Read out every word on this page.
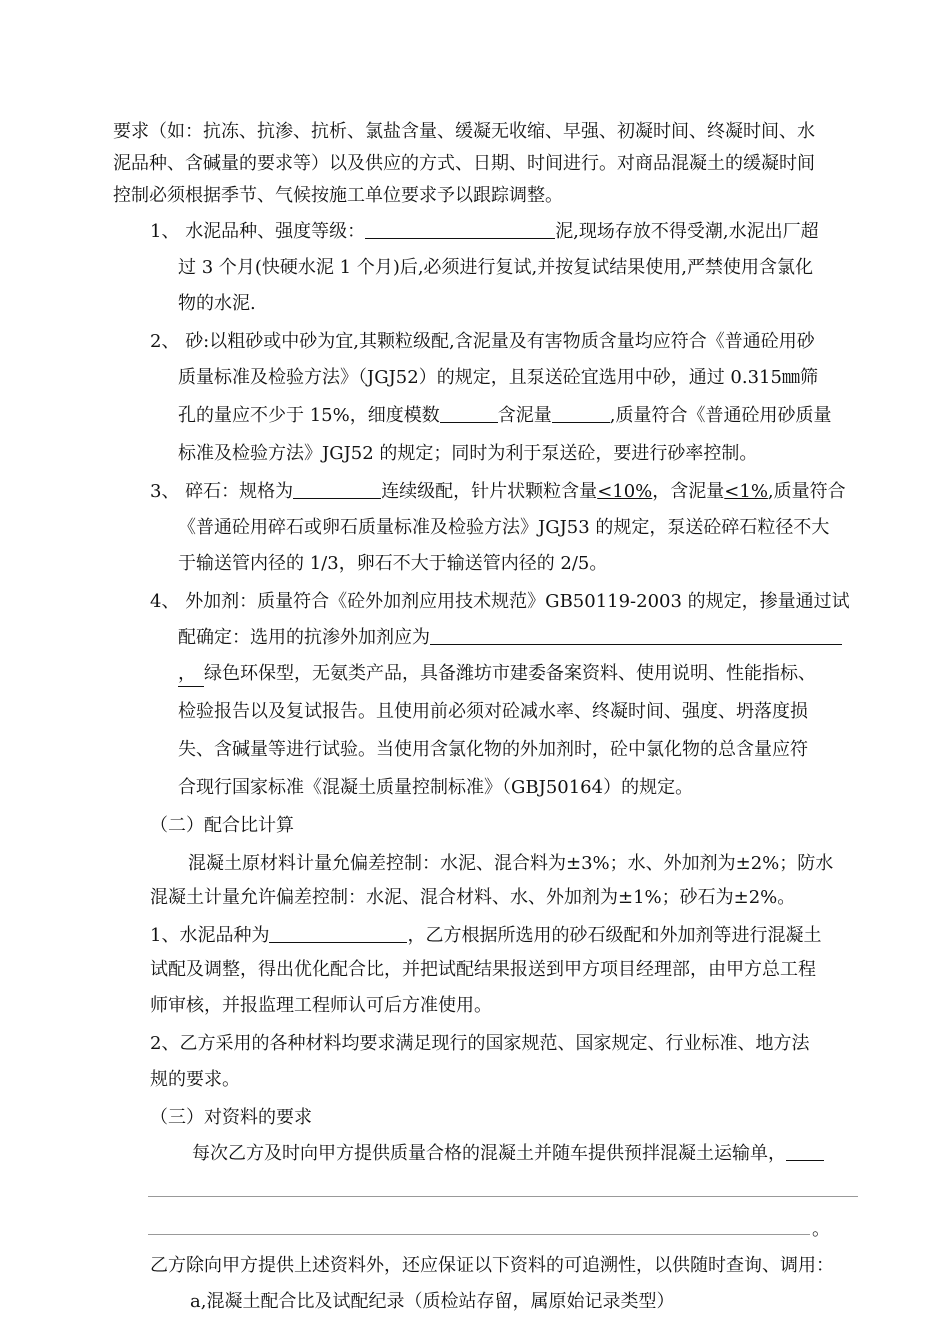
要求（如：抗冻、抗渗、抗析、氯盐含量、缓凝无收缩、早强、初凝时间、终凝时间、水
泥品种、含碱量的要求等）以及供应的方式、日期、时间进行。对商品混凝土的缓凝时间
控制必须根据季节、气候按施工单位要求予以跟踪调整。
1、 水泥品种、强度等级：	泥,现场存放不得受潮,水泥出厂超
过 3 个月(快硬水泥 1 个月)后,必须进行复试,并按复试结果使用,严禁使用含氯化
物的水泥.
2、 砂:以粗砂或中砂为宜,其颗粒级配,含泥量及有害物质含量均应符合《普通砼用砂
质量标准及检验方法》（JGJ52）的规定，且泵送砼宜选用中砂，通过 0.315㎜筛
孔的量应不少于 15%，细度模数	含泥量	,质量符合《普通砼用砂质量
标准及检验方法》JGJ52 的规定；同时为利于泵送砼，要进行砂率控制。
3、 碎石：规格为	连续级配，针片状颗粒含量<10%，含泥量<1%,质量符合
《普通砼用碎石或卵石质量标准及检验方法》JGJ53 的规定，泵送砼碎石粒径不大
于输送管内径的 1/3，卵石不大于输送管内径的 2/5。
4、 外加剂：质量符合《砼外加剂应用技术规范》GB50119-2003 的规定，掺量通过试
配确定：选用的抗渗外加剂应为
， 绿色环保型，无氨类产品，具备潍坊市建委备案资料、使用说明、性能指标、
检验报告以及复试报告。且使用前必须对砼减水率、终凝时间、强度、坍落度损
失、含碱量等进行试验。当使用含氯化物的外加剂时，砼中氯化物的总含量应符
合现行国家标准《混凝土质量控制标准》（GBJ50164）的规定。
（二）配合比计算
混凝土原材料计量允偏差控制：水泥、混合料为±3%；水、外加剂为±2%；防水
混凝土计量允许偏差控制：水泥、混合材料、水、外加剂为±1%；砂石为±2%。
1、水泥品种为	，乙方根据所选用的砂石级配和外加剂等进行混凝土
试配及调整，得出优化配合比，并把试配结果报送到甲方项目经理部，由甲方总工程
师审核，并报监理工程师认可后方准使用。
2、乙方采用的各种材料均要求满足现行的国家规范、国家规定、行业标准、地方法
规的要求。
（三）对资料的要求
每次乙方及时向甲方提供质量合格的混凝土并随车提供预拌混凝土运输单，
。
乙方除向甲方提供上述资料外，还应保证以下资料的可追溯性，以供随时查询、调用：
a,混凝土配合比及试配纪录（质检站存留，属原始记录类型）
